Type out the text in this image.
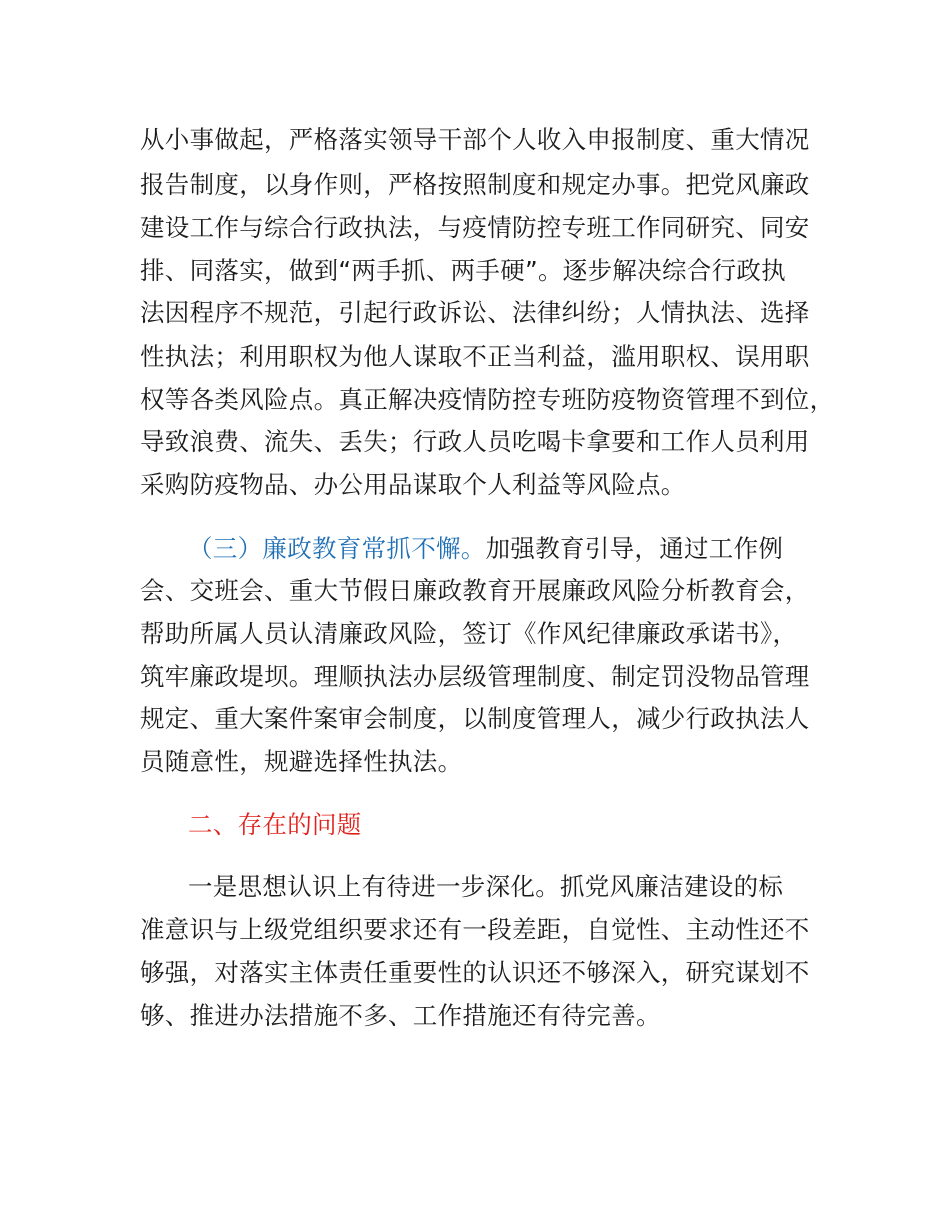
从小事做起，严格落实领导干部个人收入申报制度、重大情况
报告制度，以身作则，严格按照制度和规定办事。把党风廉政
建设工作与综合行政执法，与疫情防控专班工作同研究、同安
排、同落实，做到“两手抓、两手硬”。逐步解决综合行政执
法因程序不规范，引起行政诉讼、法律纠纷；人情执法、选择
性执法；利用职权为他人谋取不正当利益，滥用职权、误用职
权等各类风险点。真正解决疫情防控专班防疫物资管理不到位，
导致浪费、流失、丢失；行政人员吃喝卡拿要和工作人员利用
采购防疫物品、办公用品谋取个人利益等风险点。
（三）廉政教育常抓不懈。加强教育引导，通过工作例
会、交班会、重大节假日廉政教育开展廉政风险分析教育会，
帮助所属人员认清廉政风险，签订《作风纪律廉政承诺书》，
筑牢廉政堤坝。理顺执法办层级管理制度、制定罚没物品管理
规定、重大案件案审会制度，以制度管理人，减少行政执法人
员随意性，规避选择性执法。
二、存在的问题
一是思想认识上有待进一步深化。抓党风廉洁建设的标
准意识与上级党组织要求还有一段差距，自觉性、主动性还不
够强，对落实主体责任重要性的认识还不够深入，研究谋划不
够、推进办法措施不多、工作措施还有待完善。
